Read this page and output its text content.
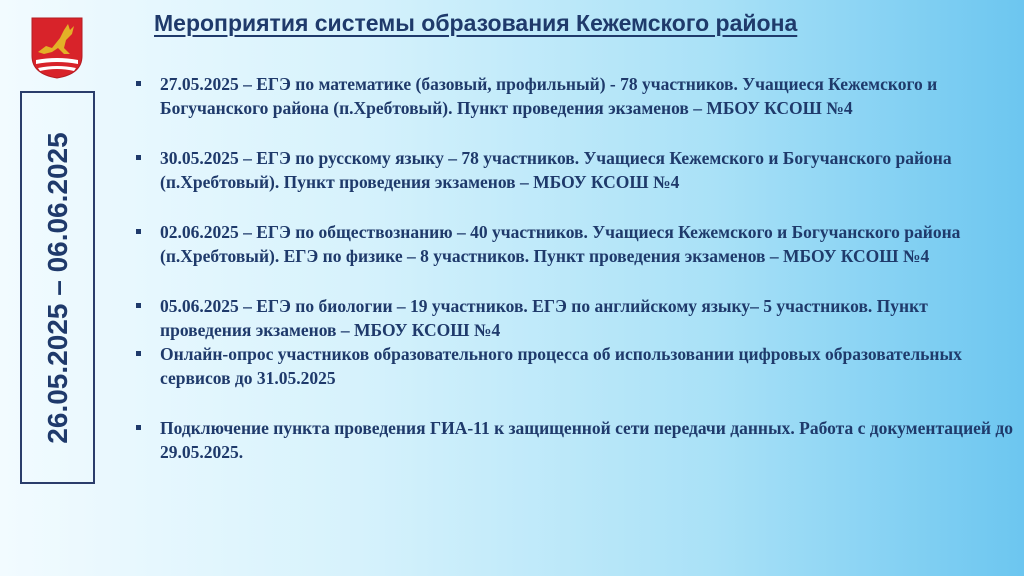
Мероприятия системы образования Кежемского района
26.05.2025 – 06.06.2025
27.05.2025 – ЕГЭ по математике (базовый, профильный) - 78 участников. Учащиеся Кежемского и Богучанского района (п.Хребтовый). Пункт проведения экзаменов – МБОУ КСОШ №4
30.05.2025 – ЕГЭ по русскому языку – 78 участников. Учащиеся Кежемского и Богучанского района (п.Хребтовый). Пункт проведения экзаменов – МБОУ КСОШ №4
02.06.2025 – ЕГЭ по обществознанию – 40 участников. Учащиеся Кежемского и Богучанского района (п.Хребтовый). ЕГЭ по физике – 8 участников. Пункт проведения экзаменов – МБОУ КСОШ №4
05.06.2025 – ЕГЭ по биологии – 19 участников. ЕГЭ по английскому языку– 5 участников. Пункт проведения экзаменов – МБОУ КСОШ №4
Онлайн-опрос участников образовательного процесса об использовании цифровых образовательных сервисов до 31.05.2025
Подключение пункта проведения ГИА-11 к защищенной сети передачи данных. Работа с документацией до 29.05.2025.
